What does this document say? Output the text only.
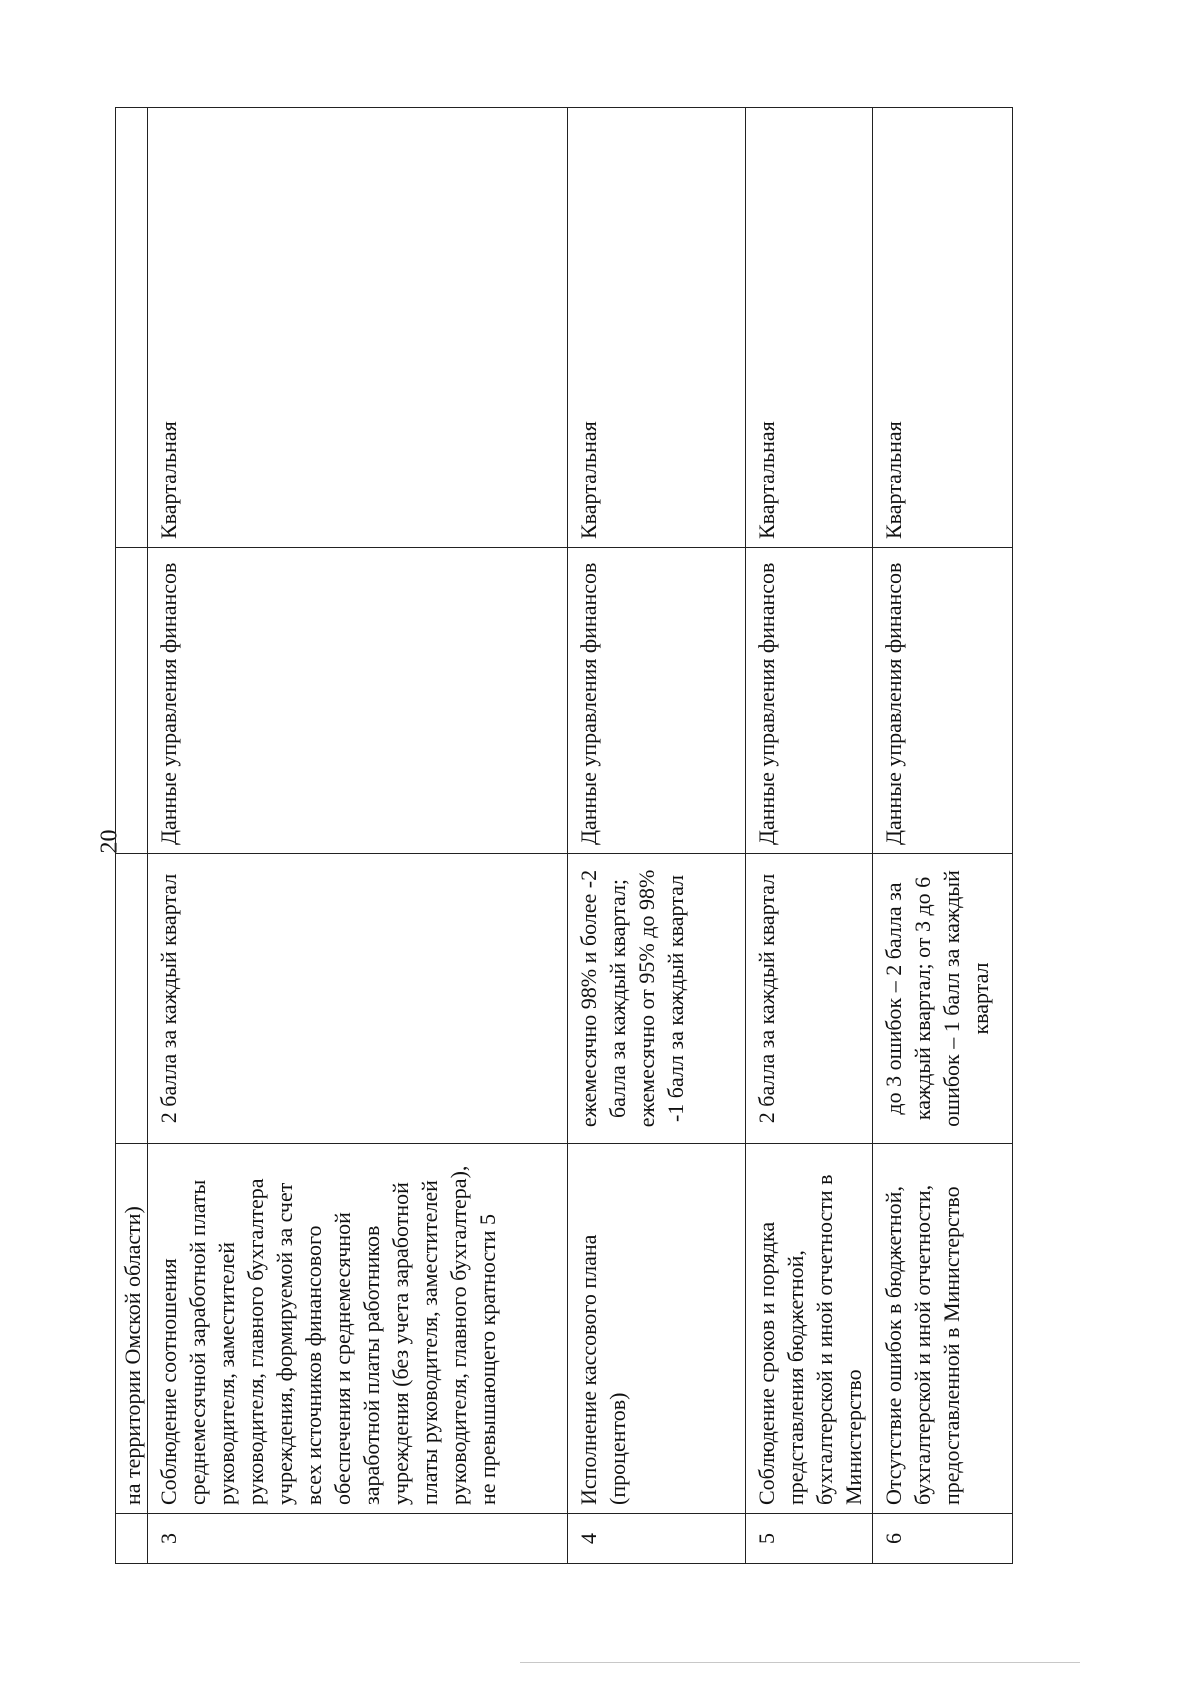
20
	на территории Омской области)			
3	Соблюдение соотношения среднемесячной заработной платы руководителя, заместителей руководителя, главного бухгалтера учреждения, формируемой за счет всех источников финансового обеспечения и среднемесячной заработной платы работников учреждения (без учета заработной платы руководителя, заместителей руководителя, главного бухгалтера), не превышающего кратности 5	2 балла за каждый квартал	Данные управления финансов	Квартальная
4	Исполнение кассового плана (процентов)	ежемесячно 98% и более -2 балла за каждый квартал; ежемесячно от 95% до 98% -1 балл за каждый квартал	Данные управления финансов	Квартальная
5	Соблюдение сроков и порядка представления бюджетной, бухгалтерской и иной отчетности в Министерство	2 балла за каждый квартал	Данные управления финансов	Квартальная
6	Отсутствие ошибок в бюджетной, бухгалтерской и иной отчетности, предоставленной в Министерство	до 3 ошибок – 2 балла за каждый квартал; от 3 до 6 ошибок – 1 балл за каждый квартал	Данные управления финансов	Квартальная
